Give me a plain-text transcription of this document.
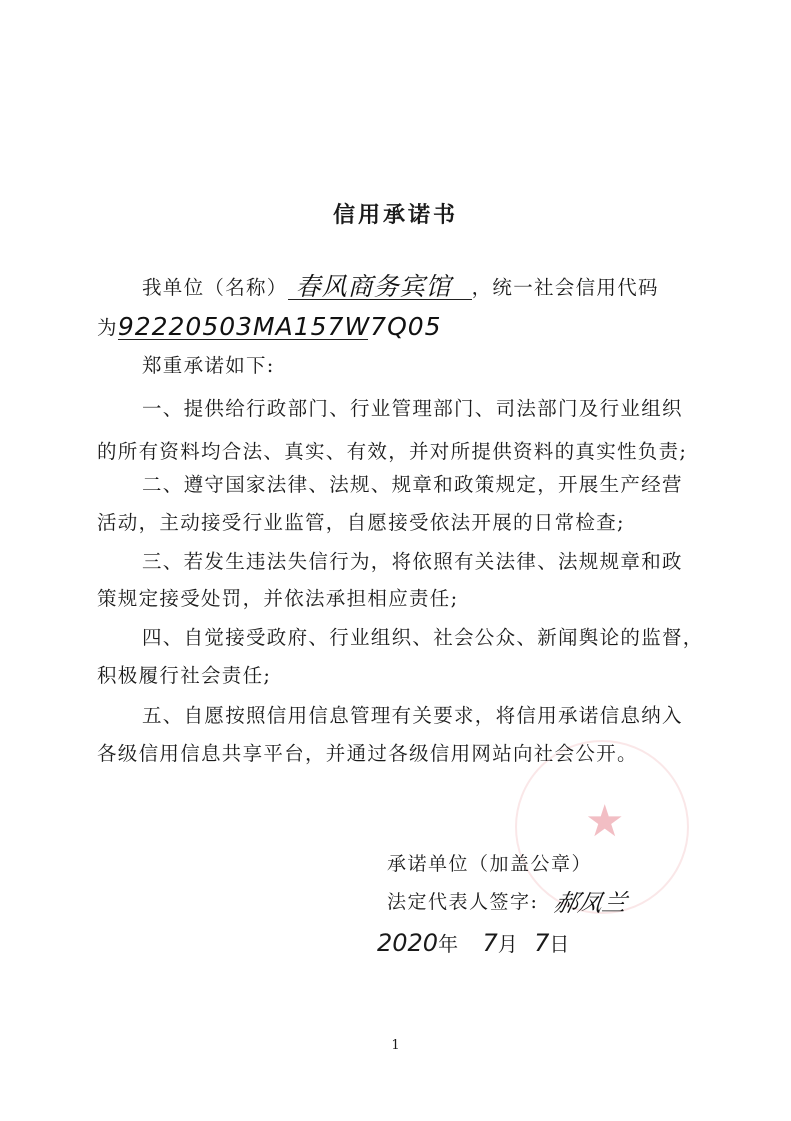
★
信用承诺书
我单位（名称） 春风商务宾馆 ，统一社会信用代码
为92220503MA157W7Q05
郑重承诺如下:
一、提供给行政部门、行业管理部门、司法部门及行业组织
的所有资料均合法、真实、有效，并对所提供资料的真实性负责;
二、遵守国家法律、法规、规章和政策规定，开展生产经营
活动，主动接受行业监管，自愿接受依法开展的日常检查;
三、若发生违法失信行为，将依照有关法律、法规规章和政
策规定接受处罚，并依法承担相应责任;
四、自觉接受政府、行业组织、社会公众、新闻舆论的监督，
积极履行社会责任;
五、自愿按照信用信息管理有关要求，将信用承诺信息纳入
各级信用信息共享平台，并通过各级信用网站向社会公开。
承诺单位（加盖公章）
法定代表人签字: 郝凤兰
2020年 7月 7日
1
